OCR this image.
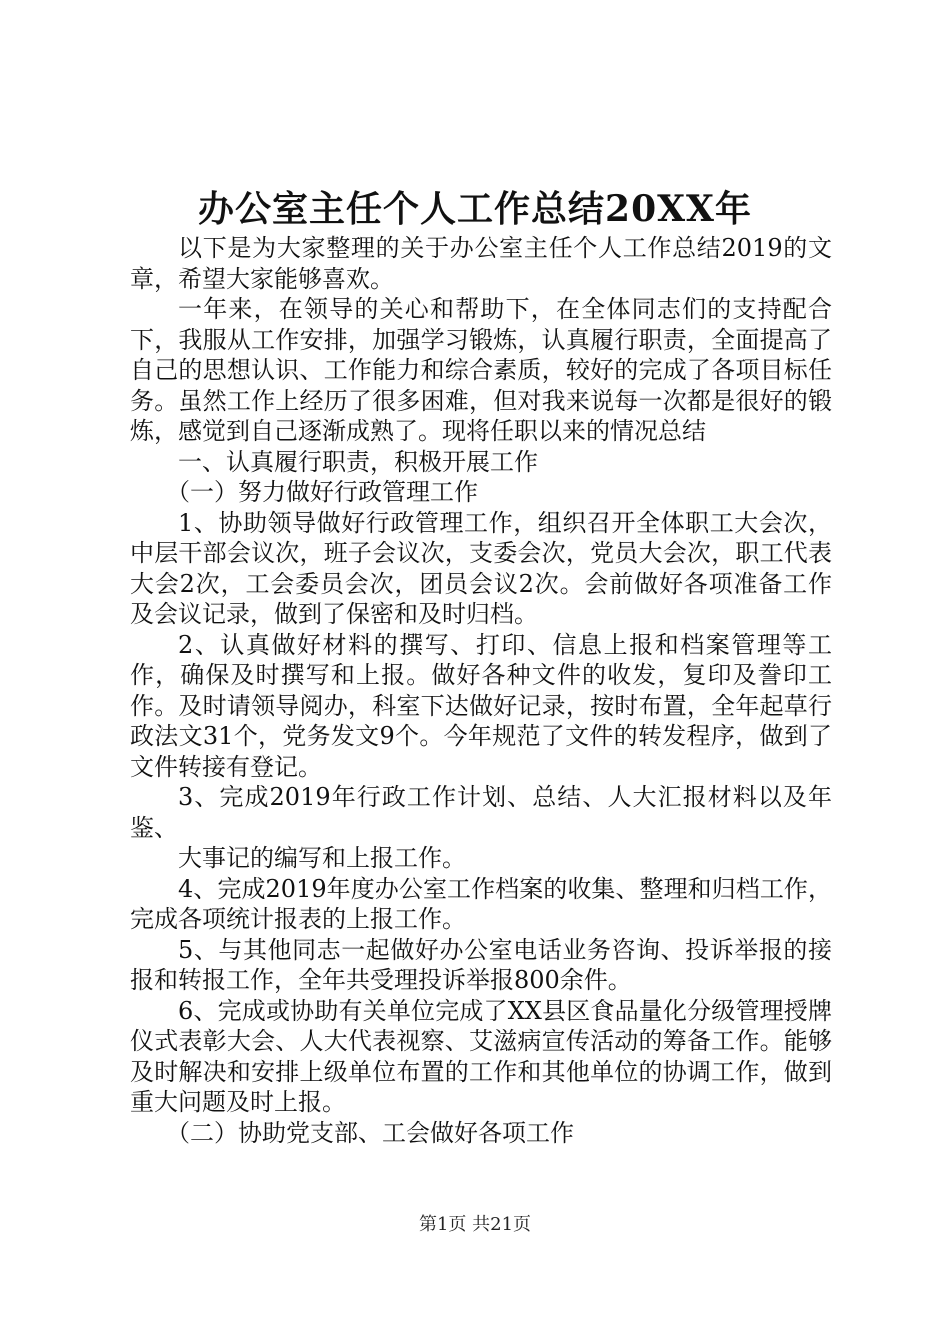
办公室主任个人工作总结20XX年

以下是为大家整理的关于办公室主任个人工作总结2019的文章，希望大家能够喜欢。

一年来，在领导的关心和帮助下，在全体同志们的支持配合下，我服从工作安排，加强学习锻炼，认真履行职责，全面提高了自己的思想认识、工作能力和综合素质，较好的完成了各项目标任务。虽然工作上经历了很多困难，但对我来说每一次都是很好的锻炼，感觉到自己逐渐成熟了。现将任职以来的情况总结

一、认真履行职责，积极开展工作

（一）努力做好行政管理工作

1、协助领导做好行政管理工作，组织召开全体职工大会次，中层干部会议次，班子会议次，支委会次，党员大会次，职工代表大会2次，工会委员会次，团员会议2次。会前做好各项准备工作及会议记录，做到了保密和及时归档。

2、认真做好材料的撰写、打印、信息上报和档案管理等工作，确保及时撰写和上报。做好各种文件的收发，复印及誊印工作。及时请领导阅办，科室下达做好记录，按时布置，全年起草行政法文31个，党务发文9个。今年规范了文件的转发程序，做到了文件转接有登记。

3、完成2019年行政工作计划、总结、人大汇报材料以及年鉴、

大事记的编写和上报工作。

4、完成2019年度办公室工作档案的收集、整理和归档工作，完成各项统计报表的上报工作。

5、与其他同志一起做好办公室电话业务咨询、投诉举报的接报和转报工作，全年共受理投诉举报800余件。

6、完成或协助有关单位完成了XX县区食品量化分级管理授牌仪式表彰大会、人大代表视察、艾滋病宣传活动的筹备工作。能够及时解决和安排上级单位布置的工作和其他单位的协调工作，做到重大问题及时上报。

（二）协助党支部、工会做好各项工作

第1页 共21页
